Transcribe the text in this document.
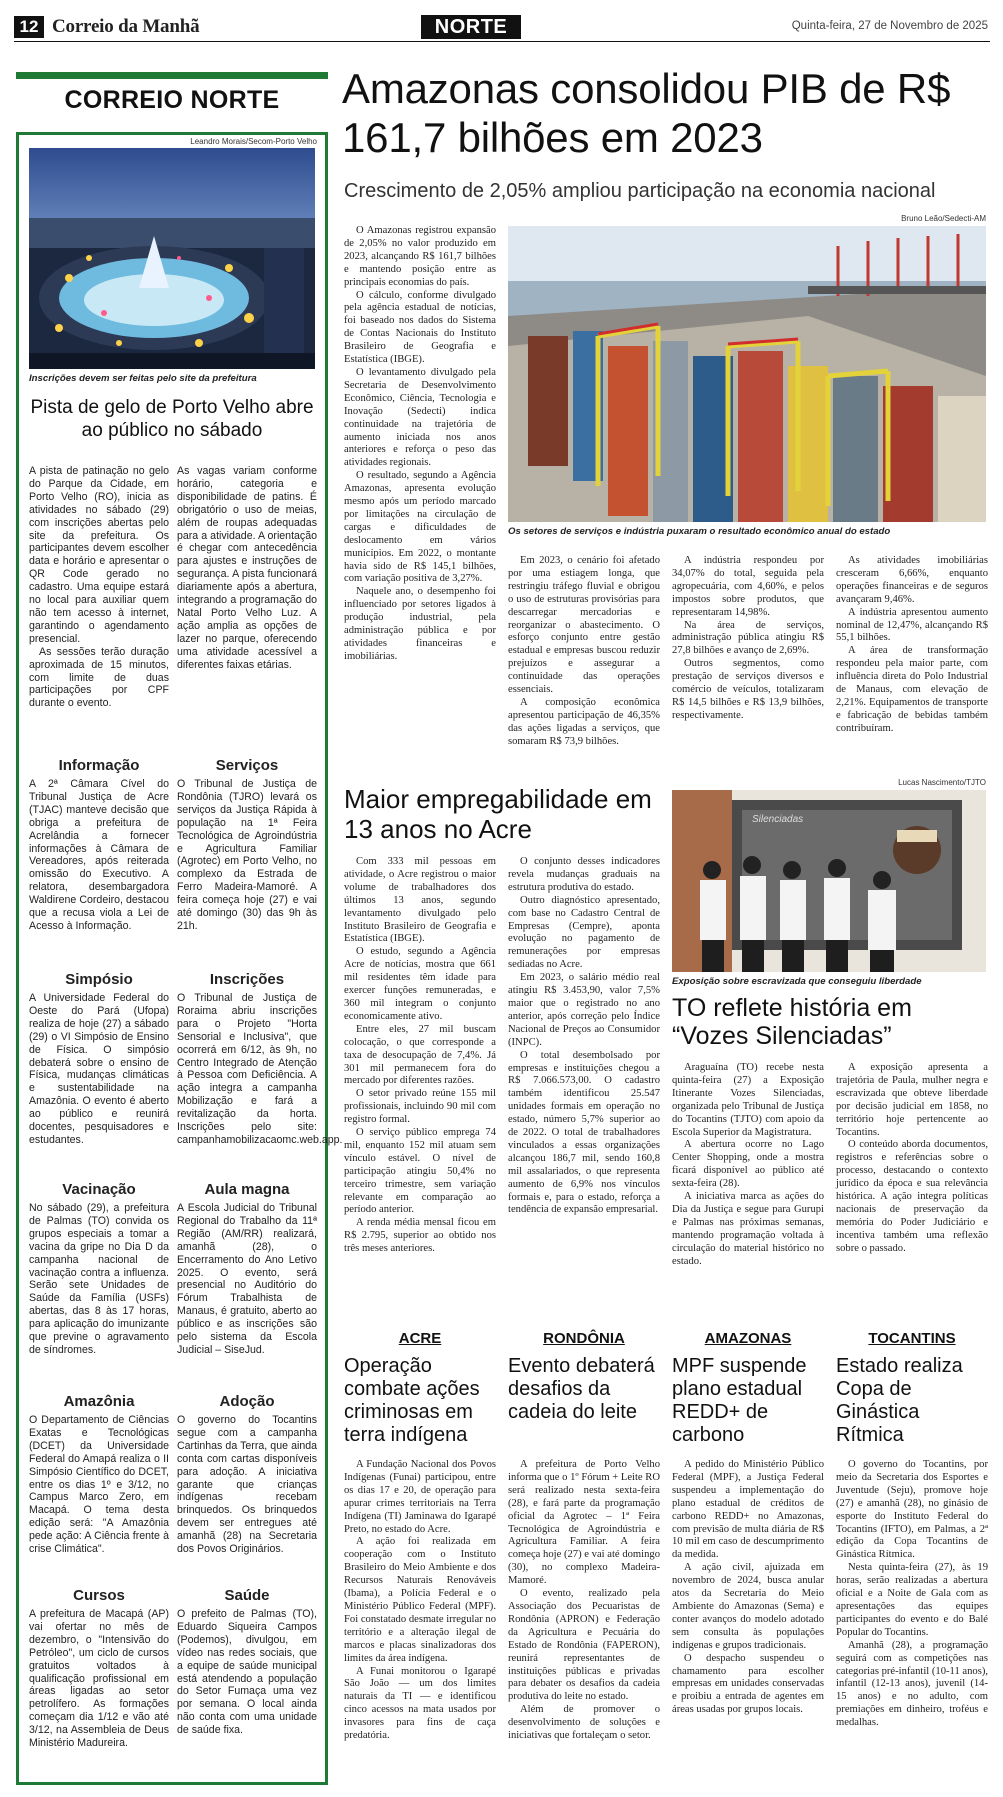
12 Correio da Manhã	NORTE	Quinta-feira, 27 de Novembro de 2025
CORREIO NORTE
Leandro Morais/Secom-Porto Velho
Inscrições devem ser feitas pelo site da prefeitura
Pista de gelo de Porto Velho abre ao público no sábado

A pista de patinação no gelo do Parque da Cidade, em Porto Velho (RO), inicia as atividades no sábado (29) com inscrições abertas pelo site da prefeitura. Os participantes devem escolher data e horário e apresentar o QR Code gerado no cadastro. Uma equipe estará no local para auxiliar quem não tem acesso à internet, garantindo o agendamento presencial.

As sessões terão duração aproximada de 15 minutos, com limite de duas participações por CPF durante o evento.

As vagas variam conforme horário, categoria e disponibilidade de patins. É obrigatório o uso de meias, além de roupas adequadas para a atividade. A orientação é chegar com antecedência para ajustes e instruções de segurança. A pista funcionará diariamente após a abertura, integrando a programação do Natal Porto Velho Luz. A ação amplia as opções de lazer no parque, oferecendo uma atividade acessível a diferentes faixas etárias.

Informação
A 2ª Câmara Cível do Tribunal Justiça de Acre (TJAC) manteve decisão que obriga a prefeitura de Acrelândia a fornecer informações à Câmara de Vereadores, após reiterada omissão do Executivo. A relatora, desembargadora Waldirene Cordeiro, destacou que a recusa viola a Lei de Acesso à Informação.
Serviços
O Tribunal de Justiça de Rondônia (TJRO) levará os serviços da Justiça Rápida à população na 1ª Feira Tecnológica de Agroindústria e Agricultura Familiar (Agrotec) em Porto Velho, no complexo da Estrada de Ferro Madeira-Mamoré. A feira começa hoje (27) e vai até domingo (30) das 9h às 21h.
Simpósio
A Universidade Federal do Oeste do Pará (Ufopa) realiza de hoje (27) a sábado (29) o VI Simpósio de Ensino de Física. O simpósio debaterá sobre o ensino de Física, mudanças climáticas e sustentabilidade na Amazônia. O evento é aberto ao público e reunirá docentes, pesquisadores e estudantes.
Inscrições
O Tribunal de Justiça de Roraima abriu inscrições para o Projeto "Horta Sensorial e Inclusiva", que ocorrerá em 6/12, às 9h, no Centro Integrado de Atenção à Pessoa com Deficiência. A ação integra a campanha Mobilização e fará a revitalização da horta. Inscrições pelo site: campanhamobilizacaomc.web.app.
Vacinação
No sábado (29), a prefeitura de Palmas (TO) convida os grupos especiais a tomar a vacina da gripe no Dia D da campanha nacional de vacinação contra a influenza. Serão sete Unidades de Saúde da Família (USFs) abertas, das 8 às 17 horas, para aplicação do imunizante que previne o agravamento de síndromes.
Aula magna
A Escola Judicial do Tribunal Regional do Trabalho da 11ª Região (AM/RR) realizará, amanhã (28), o Encerramento do Ano Letivo 2025. O evento, será presencial no Auditório do Fórum Trabalhista de Manaus, é gratuito, aberto ao público e as inscrições são pelo sistema da Escola Judicial – SiseJud.
Amazônia
O Departamento de Ciências Exatas e Tecnológicas (DCET) da Universidade Federal do Amapá realiza o II Simpósio Científico do DCET, entre os dias 1º e 3/12, no Campus Marco Zero, em Macapá. O tema desta edição será: "A Amazônia pede ação: A Ciência frente à crise Climática".
Adoção
O governo do Tocantins segue com a campanha Cartinhas da Terra, que ainda conta com cartas disponíveis para adoção. A iniciativa garante que crianças indígenas recebam brinquedos. Os brinquedos devem ser entregues até amanhã (28) na Secretaria dos Povos Originários.
Cursos
A prefeitura de Macapá (AP) vai ofertar no mês de dezembro, o "Intensivão do Petróleo", um ciclo de cursos gratuitos voltados à qualificação profissional em áreas ligadas ao setor petrolífero. As formações começam dia 1/12 e vão até 3/12, na Assembleia de Deus Ministério Madureira.
Saúde
O prefeito de Palmas (TO), Eduardo Siqueira Campos (Podemos), divulgou, em vídeo nas redes sociais, que a equipe de saúde municipal está atendendo a população do Setor Fumaça uma vez por semana. O local ainda não conta com uma unidade de saúde fixa.
Amazonas consolidou PIB de R$ 161,7 bilhões em 2023
Crescimento de 2,05% ampliou participação na economia nacional

O Amazonas registrou expansão de 2,05% no valor produzido em 2023, alcançando R$ 161,7 bilhões e mantendo posição entre as principais economias do país.

O cálculo, conforme divulgado pela agência estadual de notícias, foi baseado nos dados do Sistema de Contas Nacionais do Instituto Brasileiro de Geografia e Estatística (IBGE).

O levantamento divulgado pela Secretaria de Desenvolvimento Econômico, Ciência, Tecnologia e Inovação (Sedecti) indica continuidade na trajetória de aumento iniciada nos anos anteriores e reforça o peso das atividades regionais.

O resultado, segundo a Agência Amazonas, apresenta evolução mesmo após um período marcado por limitações na circulação de cargas e dificuldades de deslocamento em vários municípios. Em 2022, o montante havia sido de R$ 145,1 bilhões, com variação positiva de 3,27%.

Naquele ano, o desempenho foi influenciado por setores ligados à produção industrial, pela administração pública e por atividades financeiras e imobiliárias.

Bruno Leão/Sedecti-AM
Os setores de serviços e indústria puxaram o resultado econômico anual do estado

Em 2023, o cenário foi afetado por uma estiagem longa, que restringiu tráfego fluvial e obrigou o uso de estruturas provisórias para descarregar mercadorias e reorganizar o abastecimento. O esforço conjunto entre gestão estadual e empresas buscou reduzir prejuízos e assegurar a continuidade das operações essenciais.

A composição econômica apresentou participação de 46,35% das ações ligadas a serviços, que somaram R$ 73,9 bilhões.

A indústria respondeu por 34,07% do total, seguida pela agropecuária, com 4,60%, e pelos impostos sobre produtos, que representaram 14,98%.

Na área de serviços, administração pública atingiu R$ 27,8 bilhões e avanço de 2,69%.

Outros segmentos, como prestação de serviços diversos e comércio de veículos, totalizaram R$ 14,5 bilhões e R$ 13,9 bilhões, respectivamente.

As atividades imobiliárias cresceram 6,66%, enquanto operações financeiras e de seguros avançaram 9,46%.

A indústria apresentou aumento nominal de 12,47%, alcançando R$ 55,1 bilhões.

A área de transformação respondeu pela maior parte, com influência direta do Polo Industrial de Manaus, com elevação de 2,21%. Equipamentos de transporte e fabricação de bebidas também contribuíram.

Maior empregabilidade em 13 anos no Acre

Com 333 mil pessoas em atividade, o Acre registrou o maior volume de trabalhadores dos últimos 13 anos, segundo levantamento divulgado pelo Instituto Brasileiro de Geografia e Estatística (IBGE).

O estudo, segundo a Agência Acre de notícias, mostra que 661 mil residentes têm idade para exercer funções remuneradas, e 360 mil integram o conjunto economicamente ativo.

Entre eles, 27 mil buscam colocação, o que corresponde a taxa de desocupação de 7,4%. Já 301 mil permanecem fora do mercado por diferentes razões.

O setor privado reúne 155 mil profissionais, incluindo 90 mil com registro formal.

O serviço público emprega 74 mil, enquanto 152 mil atuam sem vínculo estável. O nível de participação atingiu 50,4% no terceiro trimestre, sem variação relevante em comparação ao período anterior.

A renda média mensal ficou em R$ 2.795, superior ao obtido nos três meses anteriores.

O conjunto desses indicadores revela mudanças graduais na estrutura produtiva do estado.

Outro diagnóstico apresentado, com base no Cadastro Central de Empresas (Cempre), aponta evolução no pagamento de remunerações por empresas sediadas no Acre.

Em 2023, o salário médio real atingiu R$ 3.453,90, valor 7,5% maior que o registrado no ano anterior, após correção pelo Índice Nacional de Preços ao Consumidor (INPC).

O total desembolsado por empresas e instituições chegou a R$ 7.066.573,00. O cadastro também identificou 25.547 unidades formais em operação no estado, número 5,7% superior ao de 2022. O total de trabalhadores vinculados a essas organizações alcançou 186,7 mil, sendo 160,8 mil assalariados, o que representa aumento de 6,9% nos vínculos formais e, para o estado, reforça a tendência de expansão empresarial.

Lucas Nascimento/TJTO
Silenciadas
Exposição sobre escravizada que conseguiu liberdade
TO reflete história em “Vozes Silenciadas”

Araguaína (TO) recebe nesta quinta-feira (27) a Exposição Itinerante Vozes Silenciadas, organizada pelo Tribunal de Justiça do Tocantins (TJTO) com apoio da Escola Superior da Magistratura.

A abertura ocorre no Lago Center Shopping, onde a mostra ficará disponível ao público até sexta-feira (28).

A iniciativa marca as ações do Dia da Justiça e segue para Gurupi e Palmas nas próximas semanas, mantendo programação voltada à circulação do material histórico no estado.

A exposição apresenta a trajetória de Paula, mulher negra e escravizada que obteve liberdade por decisão judicial em 1858, no território hoje pertencente ao Tocantins.

O conteúdo aborda documentos, registros e referências sobre o processo, destacando o contexto jurídico da época e sua relevância histórica. A ação integra políticas nacionais de preservação da memória do Poder Judiciário e incentiva também uma reflexão sobre o passado.

ACRE
Operação combate ações criminosas em terra indígena

A Fundação Nacional dos Povos Indígenas (Funai) participou, entre os dias 17 e 20, de operação para apurar crimes territoriais na Terra Indígena (TI) Jaminawa do Igarapé Preto, no estado do Acre.

A ação foi realizada em cooperação com o Instituto Brasileiro do Meio Ambiente e dos Recursos Naturais Renováveis (Ibama), a Polícia Federal e o Ministério Público Federal (MPF). Foi constatado desmate irregular no território e a alteração ilegal de marcos e placas sinalizadoras dos limites da área indígena.

A Funai monitorou o Igarapé São João — um dos limites naturais da TI — e identificou cinco acessos na mata usados por invasores para fins de caça predatória.

RONDÔNIA
Evento debaterá desafios da cadeia do leite

A prefeitura de Porto Velho informa que o 1º Fórum + Leite RO será realizado nesta sexta-feira (28), e fará parte da programação oficial da Agrotec – 1ª Feira Tecnológica de Agroindústria e Agricultura Familiar. A feira começa hoje (27) e vai até domingo (30), no complexo Madeira-Mamoré.

O evento, realizado pela Associação dos Pecuaristas de Rondônia (APRON) e Federação da Agricultura e Pecuária do Estado de Rondônia (FAPERON), reunirá representantes de instituições públicas e privadas para debater os desafios da cadeia produtiva do leite no estado.

Além de promover o desenvolvimento de soluções e iniciativas que fortaleçam o setor.

AMAZONAS
MPF suspende plano estadual REDD+ de carbono

A pedido do Ministério Público Federal (MPF), a Justiça Federal suspendeu a implementação do plano estadual de créditos de carbono REDD+ no Amazonas, com previsão de multa diária de R$ 10 mil em caso de descumprimento da medida.

A ação civil, ajuizada em novembro de 2024, busca anular atos da Secretaria do Meio Ambiente do Amazonas (Sema) e conter avanços do modelo adotado sem consulta às populações indígenas e grupos tradicionais.

O despacho suspendeu o chamamento para escolher empresas em unidades conservadas e proibiu a entrada de agentes em áreas usadas por grupos locais.

TOCANTINS
Estado realiza Copa de Ginástica Rítmica

O governo do Tocantins, por meio da Secretaria dos Esportes e Juventude (Seju), promove hoje (27) e amanhã (28), no ginásio de esporte do Instituto Federal do Tocantins (IFTO), em Palmas, a 2ª edição da Copa Tocantins de Ginástica Rítmica.

Nesta quinta-feira (27), às 19 horas, serão realizadas a abertura oficial e a Noite de Gala com as apresentações das equipes participantes do evento e do Balé Popular do Tocantins.

Amanhã (28), a programação seguirá com as competições nas categorias pré-infantil (10-11 anos), infantil (12-13 anos), juvenil (14-15 anos) e no adulto, com premiações em dinheiro, troféus e medalhas.
